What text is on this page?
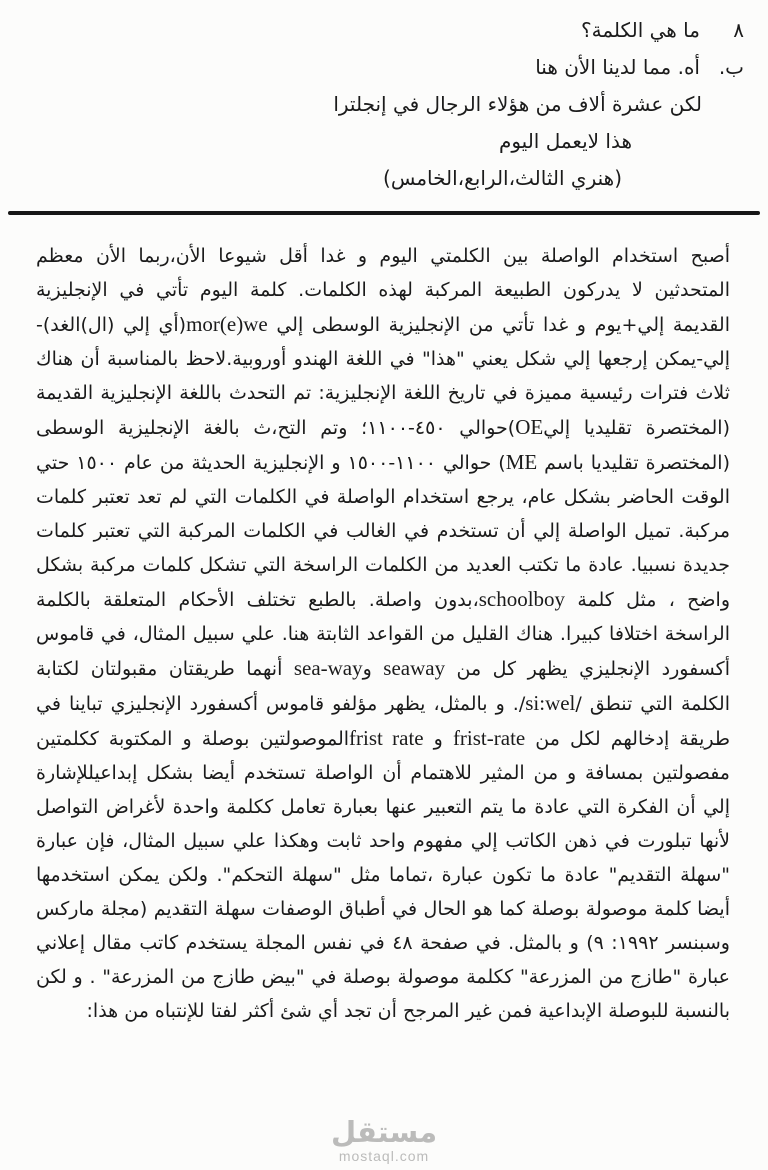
٨
ما هي الكلمة؟
ب.
أه. مما لدينا الأن هنا
لكن عشرة ألاف من هؤلاء الرجال في إنجلترا
هذا لايعمل اليوم
(هنري الثالث،الرابع،الخامس)
أصبح استخدام الواصلة بين الكلمتي اليوم و غدا أقل شيوعا الأن،ربما الأن معظم المتحدثين لا يدركون الطبيعة المركبة لهذه الكلمات. كلمة اليوم تأتي في الإنجليزية القديمة إلي+يوم و غدا تأتي من الإنجليزية الوسطى إلي mor(e)we(أي إلي (ال)الغد)-إلي-يمكن إرجعها إلي شكل يعني "هذا" في اللغة الهندو أوروبية.لاحظ بالمناسبة أن هناك ثلاث فترات رئيسية مميزة في تاريخ اللغة الإنجليزية: تم التحدث باللغة الإنجليزية القديمة (المختصرة تقليديا إليOE)حوالي ٤٥٠-١١٠٠؛ وتم التح،ث بالغة الإنجليزية الوسطى (المختصرة تقليديا باسم ME) حوالي ١١٠٠-١٥٠٠ و الإنجليزية الحديثة من عام ١٥٠٠ حتي الوقت الحاضر بشكل عام، يرجع استخدام الواصلة في الكلمات التي لم تعد تعتبر كلمات مركبة. تميل الواصلة إلي أن تستخدم في الغالب في الكلمات المركبة التي تعتبر كلمات جديدة نسبيا. عادة ما تكتب العديد من الكلمات الراسخة التي تشكل كلمات مركبة بشكل واضح ، مثل كلمة schoolboy،بدون واصلة. بالطبع تختلف الأحكام المتعلقة بالكلمة الراسخة اختلافا كبيرا. هناك القليل من القواعد الثابتة هنا. علي سبيل المثال، في قاموس أكسفورد الإنجليزي يظهر كل من seaway وsea-way أنهما طريقتان مقبولتان لكتابة الكلمة التي تنطق /si:wel/. و بالمثل، يظهر مؤلفو قاموس أكسفورد الإنجليزي تباينا في طريقة إدخالهم لكل من frist-rate و frist rateالموصولتين بوصلة و المكتوبة ككلمتين مفصولتين بمسافة و من المثير للاهتمام أن الواصلة تستخدم أيضا بشكل إبداعيللإشارة إلي أن الفكرة التي عادة ما يتم التعبير عنها بعبارة تعامل ككلمة واحدة لأغراض التواصل لأنها تبلورت في ذهن الكاتب إلي مفهوم واحد ثابت وهكذا علي سبيل المثال، فإن عبارة "سهلة التقديم" عادة ما تكون عبارة ،تماما مثل "سهلة التحكم". ولكن يمكن استخدمها أيضا كلمة موصولة بوصلة كما هو الحال في أطباق الوصفات سهلة التقديم (مجلة ماركس وسبنسر ١٩٩٢: ٩) و بالمثل. في صفحة ٤٨ في نفس المجلة يستخدم كاتب مقال إعلاني عبارة "طازج من المزرعة" ككلمة موصولة بوصلة في "بيض طازج من المزرعة" . و لكن بالنسبة للبوصلة الإبداعية فمن غير المرجح أن تجد أي شئ أكثر لفتا للإنتباه من هذا:
مستقل
mostaql.com
